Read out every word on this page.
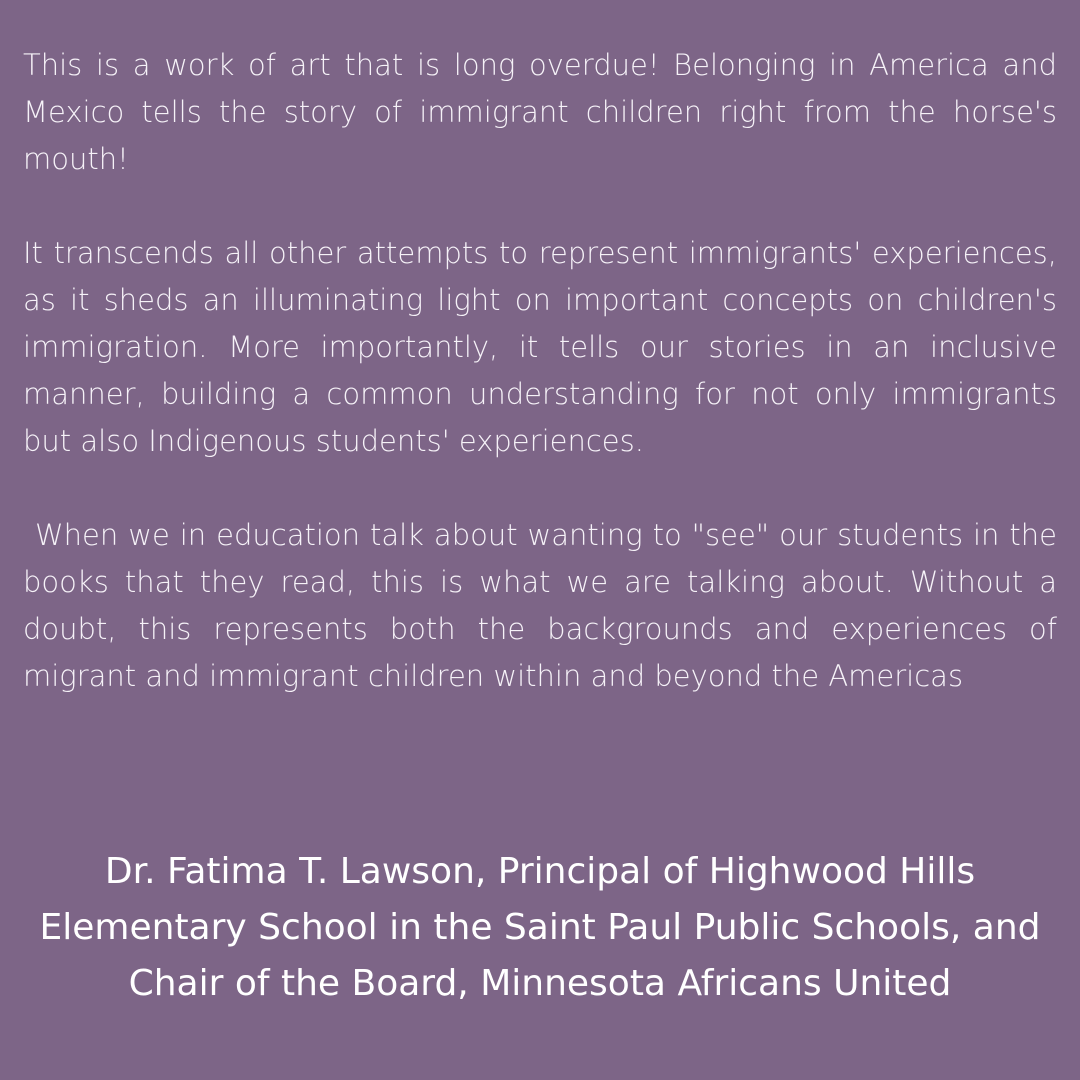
This is a work of art that is long overdue! Belonging in America and Mexico tells the story of immigrant children right from the horse's mouth!

It transcends all other attempts to represent immigrants' experiences, as it sheds an illuminating light on important concepts on children's immigration. More importantly, it tells our stories in an inclusive manner, building a common understanding for not only immigrants but also Indigenous students' experiences.

When we in education talk about wanting to "see" our students in the books that they read, this is what we are talking about. Without a doubt, this represents both the backgrounds and experiences of migrant and immigrant children within and beyond the Americas

Dr. Fatima T. Lawson, Principal of Highwood Hills Elementary School in the Saint Paul Public Schools, and Chair of the Board, Minnesota Africans United
